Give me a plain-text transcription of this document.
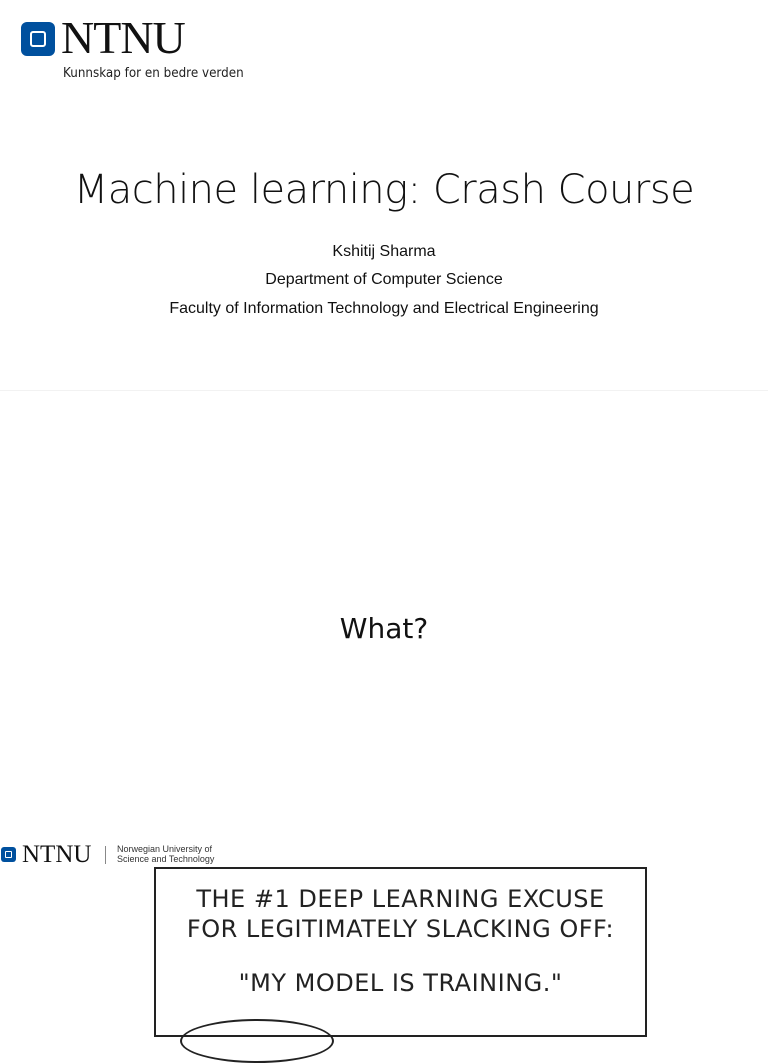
NTNU
Kunnskap for en bedre verden
Machine learning: Crash Course
Kshitij Sharma
Department of Computer Science
Faculty of Information Technology and Electrical Engineering
What?
NTNU	Norwegian University of
Science and Technology
THE #1 DEEP LEARNING EXCUSE
FOR LEGITIMATELY SLACKING OFF:
"MY MODEL IS TRAINING."
